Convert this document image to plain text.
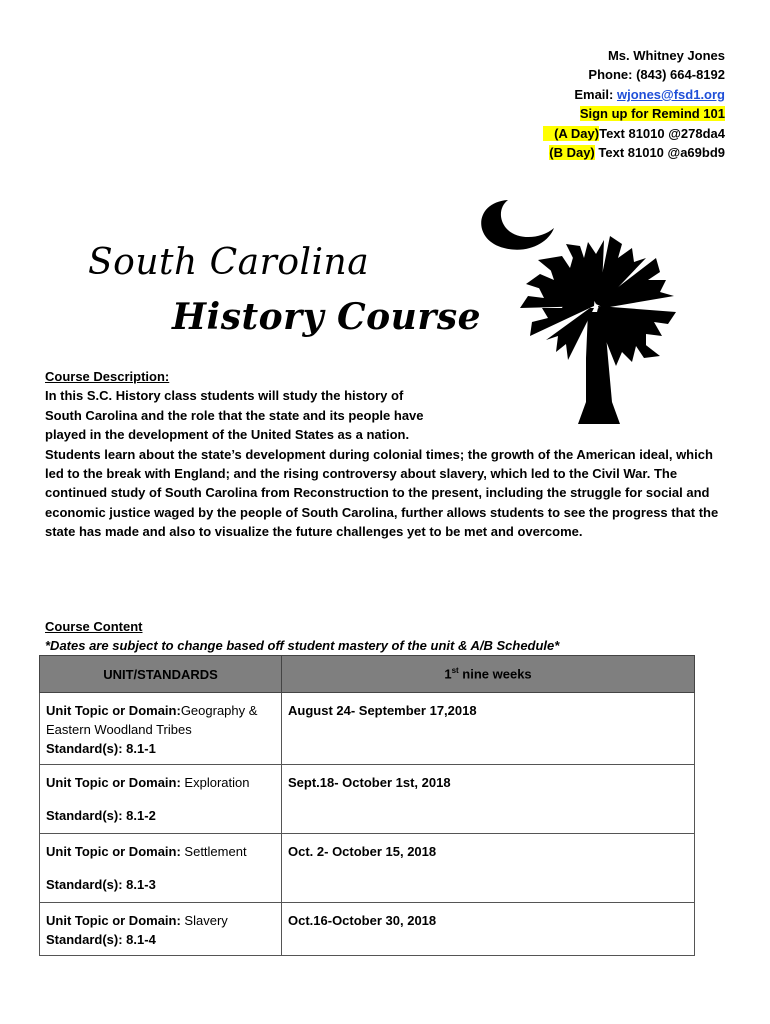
Ms. Whitney Jones
Phone: (843) 664-8192
Email: wjones@fsd1.org
Sign up for Remind 101
(A Day)Text 81010 @278da4
(B Day) Text 81010 @a69bd9
South Carolina
History Course
Course Description:
In this S.C. History class students will study the history of
South Carolina and the role that the state and its people have
played in the development of the United States as a nation.
Students learn about the state’s development during colonial times; the growth of the American ideal, which led to the break with England; and the rising controversy about slavery, which led to the Civil War. The continued study of South Carolina from Reconstruction to the present, including the struggle for social and economic justice waged by the people of South Carolina, further allows students to see the progress that the state has made and also to visualize the future challenges yet to be met and overcome.
Course Content
*Dates are subject to change based off student mastery of the unit & A/B Schedule*
UNIT/STANDARDS	1st nine weeks
Unit Topic or Domain:Geography & Eastern Woodland Tribes
Standard(s): 8.1-1	August 24- September 17,2018
Unit Topic or Domain: Exploration
Standard(s): 8.1-2	Sept.18- October 1st, 2018
Unit Topic or Domain: Settlement
Standard(s): 8.1-3	Oct. 2- October 15, 2018
Unit Topic or Domain: Slavery
Standard(s): 8.1-4	Oct.16-October 30, 2018
